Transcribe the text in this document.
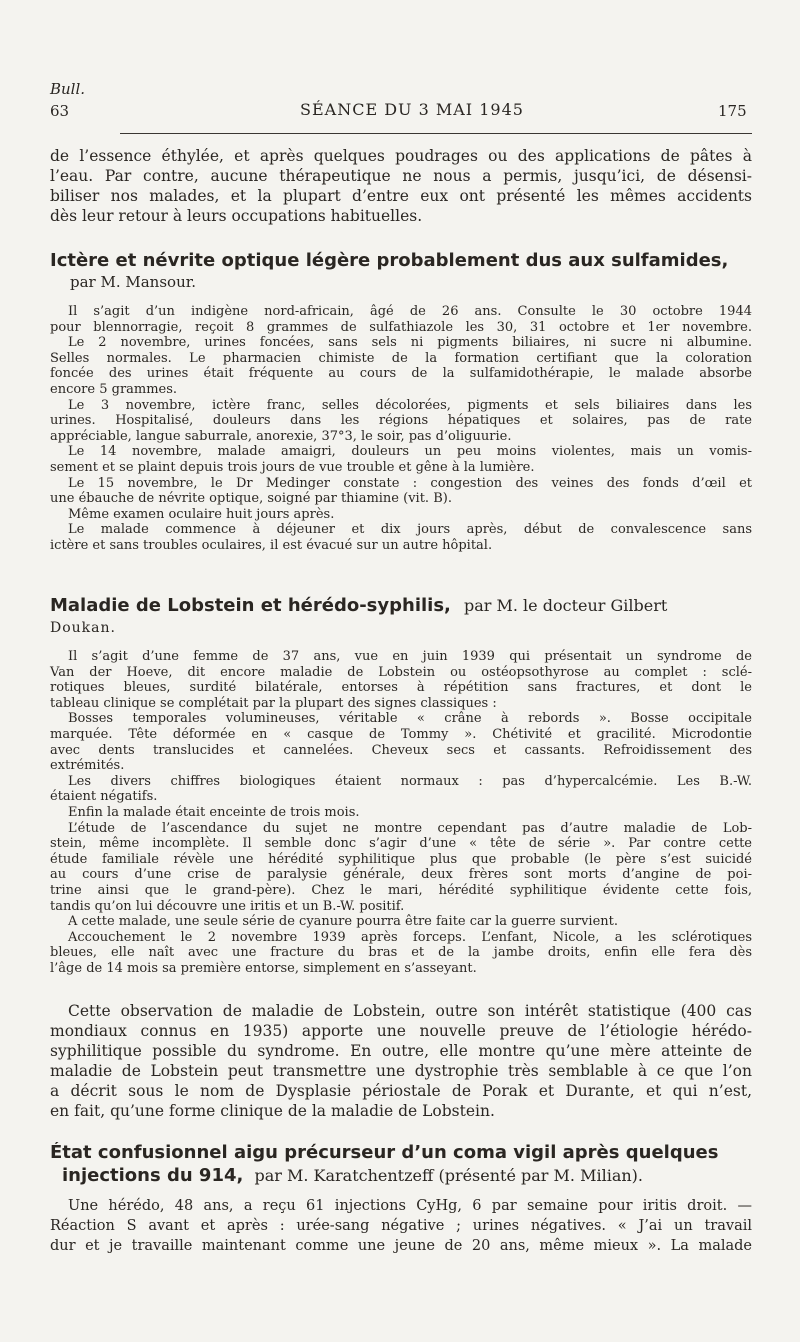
Bull.
63	SÉANCE DU 3 MAI 1945	175
de l’essence éthylée, et après quelques poudrages ou des applications de pâtes à
l’eau. Par contre, aucune thérapeutique ne nous a permis, jusqu’ici, de désensi-
biliser nos malades, et la plupart d’entre eux ont présenté les mêmes accidents
dès leur retour à leurs occupations habituelles.
Ictère et névrite optique légère probablement dus aux sulfamides,
par M. Mansour.
Il s’agit d’un indigène nord-africain, âgé de 26 ans. Consulte le 30 octobre 1944
pour blennorragie, reçoit 8 grammes de sulfathiazole les 30, 31 octobre et 1er novembre.
Le 2 novembre, urines foncées, sans sels ni pigments biliaires, ni sucre ni albumine.
Selles normales. Le pharmacien chimiste de la formation certifiant que la coloration
foncée des urines était fréquente au cours de la sulfamidothérapie, le malade absorbe
encore 5 grammes.
Le 3 novembre, ictère franc, selles décolorées, pigments et sels biliaires dans les
urines. Hospitalisé, douleurs dans les régions hépatiques et solaires, pas de rate
appréciable, langue saburrale, anorexie, 37°3, le soir, pas d’oliguurie.
Le 14 novembre, malade amaigri, douleurs un peu moins violentes, mais un vomis-
sement et se plaint depuis trois jours de vue trouble et gêne à la lumière.
Le 15 novembre, le Dr Medinger constate : congestion des veines des fonds d’œil et
une ébauche de névrite optique, soigné par thiamine (vit. B).
Même examen oculaire huit jours après.
Le malade commence à déjeuner et dix jours après, début de convalescence sans
ictère et sans troubles oculaires, il est évacué sur un autre hôpital.
Maladie de Lobstein et hérédo-syphilis, par M. le docteur Gilbert
Doukan.
Il s’agit d’une femme de 37 ans, vue en juin 1939 qui présentait un syndrome de
Van der Hoeve, dit encore maladie de Lobstein ou ostéopsothyrose au complet : sclé-
rotiques bleues, surdité bilatérale, entorses à répétition sans fractures, et dont le
tableau clinique se complétait par la plupart des signes classiques :
Bosses temporales volumineuses, véritable « crâne à rebords ». Bosse occipitale
marquée. Tête déformée en « casque de Tommy ». Chétivité et gracilité. Microdontie
avec dents translucides et cannelées. Cheveux secs et cassants. Refroidissement des
extrémités.
Les divers chiffres biologiques étaient normaux : pas d’hypercalcémie. Les B.-W.
étaient négatifs.
Enfin la malade était enceinte de trois mois.
L’étude de l’ascendance du sujet ne montre cependant pas d’autre maladie de Lob-
stein, même incomplète. Il semble donc s’agir d’une « tête de série ». Par contre cette
étude familiale révèle une hérédité syphilitique plus que probable (le père s’est suicidé
au cours d’une crise de paralysie générale, deux frères sont morts d’angine de poi-
trine ainsi que le grand-père). Chez le mari, hérédité syphilitique évidente cette fois,
tandis qu’on lui découvre une iritis et un B.-W. positif.
A cette malade, une seule série de cyanure pourra être faite car la guerre survient.
Accouchement le 2 novembre 1939 après forceps. L’enfant, Nicole, a les sclérotiques
bleues, elle naît avec une fracture du bras et de la jambe droits, enfin elle fera dès
l’âge de 14 mois sa première entorse, simplement en s’asseyant.
Cette observation de maladie de Lobstein, outre son intérêt statistique (400 cas
mondiaux connus en 1935) apporte une nouvelle preuve de l’étiologie hérédo-
syphilitique possible du syndrome. En outre, elle montre qu’une mère atteinte de
maladie de Lobstein peut transmettre une dystrophie très semblable à ce que l’on
a décrit sous le nom de Dysplasie périostale de Porak et Durante, et qui n’est,
en fait, qu’une forme clinique de la maladie de Lobstein.
État confusionnel aigu précurseur d’un coma vigil après quelques
injections du 914, par M. Karatchentzeff (présenté par M. Milian).
Une hérédo, 48 ans, a reçu 61 injections CyHg, 6 par semaine pour iritis droit. —
Réaction S avant et après : urée-sang négative ; urines négatives. « J’ai un travail
dur et je travaille maintenant comme une jeune de 20 ans, même mieux ». La malade
